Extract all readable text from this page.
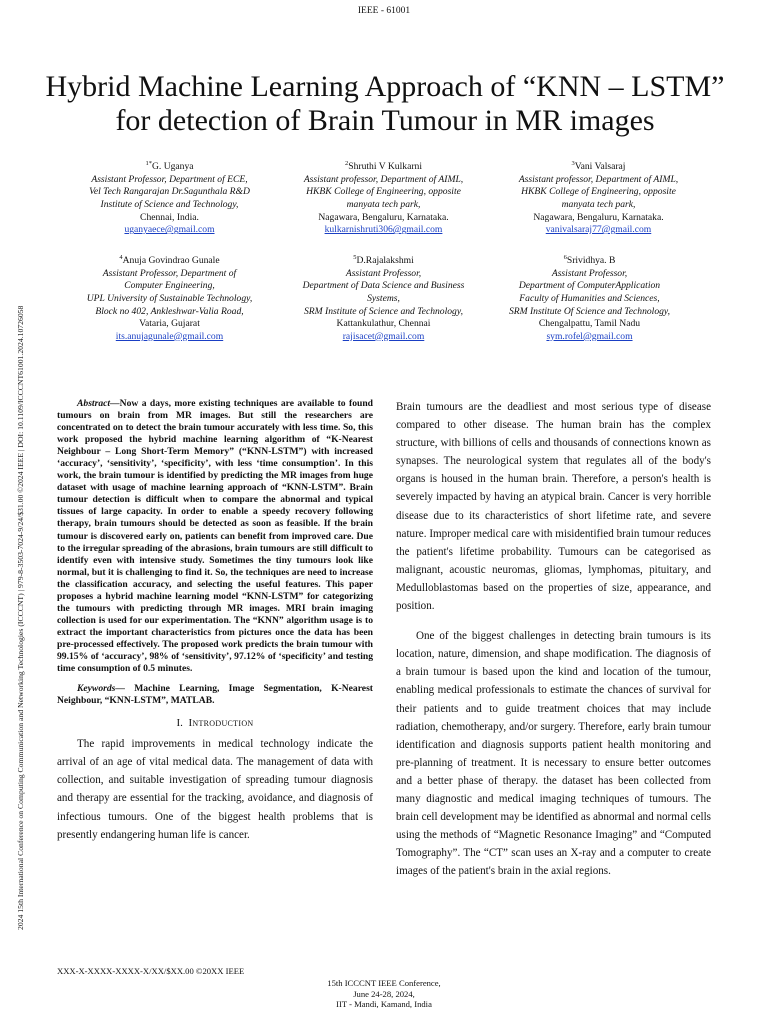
IEEE - 61001
2024 15th International Conference on Computing Communication and Networking Technologies (ICCCNT) | 979-8-3503-7024-9/24/$31.00 ©2024 IEEE | DOI: 10.1109/ICCCNT61001.2024.10726058
Hybrid Machine Learning Approach of “KNN – LSTM” for detection of Brain Tumour in MR images
$^{1*}$G. Uganya
Assistant Professor, Department of ECE,
Vel Tech Rangarajan Dr.Sagunthala R&D
Institute of Science and Technology,
Chennai, India.
uganyaece@gmail.com
$^2$Shruthi V Kulkarni
Assistant professor, Department of AIML,
HKBK College of Engineering, opposite
manyata tech park,
Nagawara, Bengaluru, Karnataka.
kulkarnishruti306@gmail.com
$^3$Vani Valsaraj
Assistant professor, Department of AIML,
HKBK College of Engineering, opposite
manyata tech park,
Nagawara, Bengaluru, Karnataka.
vanivalsaraj77@gmail.com
$^4$Anuja Govindrao Gunale
Assistant Professor, Department of
Computer Engineering,
UPL University of Sustainable Technology,
Block no 402, Ankleshwar-Valia Road,
Vataria, Gujarat
its.anujagunale@gmail.com
$^5$D.Rajalakshmi
Assistant Professor,
Department of Data Science and Business
Systems,
SRM Institute of Science and Technology,
Kattankulathur, Chennai
rajisacet@gmail.com
$^6$Srividhya. B
Assistant Professor,
Department of ComputerApplication
Faculty of Humanities and Sciences,
SRM Institute Of Science and Technology,
Chengalpattu, Tamil Nadu
sym.rofel@gmail.com

Abstract—Now a days, more existing techniques are available to found tumours on brain from MR images. But still the researchers are concentrated on to detect the brain tumour accurately with less time. So, this work proposed the hybrid machine learning algorithm of “K-Nearest Neighbour – Long Short-Term Memory” (“KNN-LSTM”) with increased ‘accuracy’, ‘sensitivity’, ‘specificity’, with less ‘time consumption’. In this work, the brain tumour is identified by predicting the MR images from huge dataset with usage of machine learning approach of “KNN-LSTM”. Brain tumour detection is difficult when to compare the abnormal and typical tissues of large capacity. In order to enable a speedy recovery following therapy, brain tumours should be detected as soon as feasible. If the brain tumour is discovered early on, patients can benefit from improved care. Due to the irregular spreading of the abrasions, brain tumours are still difficult to identify even with intensive study. Sometimes the tiny tumours look like normal, but it is challenging to find it. So, the techniques are need to increase the classification accuracy, and selecting the useful features. This paper proposes a hybrid machine learning model “KNN-LSTM” for categorizing the tumours with predicting through MR images. MRI brain imaging collection is used for our experimentation. The “KNN” algorithm usage is to extract the important characteristics from pictures once the data has been pre-processed effectively. The proposed work predicts the brain tumour with 99.15% of ‘accuracy’, 98% of ‘sensitivity’, 97.12% of ‘specificity’ and testing time consumption of 0.5 minutes.

Keywords— Machine Learning, Image Segmentation, K-Nearest Neighbour, “KNN-LSTM”, MATLAB.

I. Introduction

The rapid improvements in medical technology indicate the arrival of an age of vital medical data. The management of data with collection, and suitable investigation of spreading tumour diagnosis and therapy are essential for the tracking, avoidance, and diagnosis of infectious tumours. One of the biggest health problems that is presently endangering human life is cancer.

Brain tumours are the deadliest and most serious type of disease compared to other disease. The human brain has the complex structure, with billions of cells and thousands of connections known as synapses. The neurological system that regulates all of the body's organs is housed in the human brain. Therefore, a person's health is severely impacted by having an atypical brain. Cancer is very horrible disease due to its characteristics of short lifetime rate, and severe nature. Improper medical care with misidentified brain tumour reduces the patient's lifetime probability. Tumours can be categorised as malignant, acoustic neuromas, gliomas, lymphomas, pituitary, and Medulloblastomas based on the properties of size, appearance, and position.

One of the biggest challenges in detecting brain tumours is its location, nature, dimension, and shape modification. The diagnosis of a brain tumour is based upon the kind and location of the tumour, enabling medical professionals to estimate the chances of survival for their patients and to guide treatment choices that may include radiation, chemotherapy, and/or surgery. Therefore, early brain tumour identification and diagnosis supports patient health monitoring and pre-planning of treatment. It is necessary to ensure better outcomes and a better phase of therapy. the dataset has been collected from many diagnostic and medical imaging techniques of tumours. The brain cell development may be identified as abnormal and normal cells using the methods of “Magnetic Resonance Imaging” and “Computed Tomography”. The “CT” scan uses an X-ray and a computer to create images of the patient's brain in the axial regions.

XXX-X-XXXX-XXXX-X/XX/$XX.00 ©20XX IEEE
15th ICCCNT IEEE Conference,
June 24-28, 2024,
IIT - Mandi, Kamand, India
